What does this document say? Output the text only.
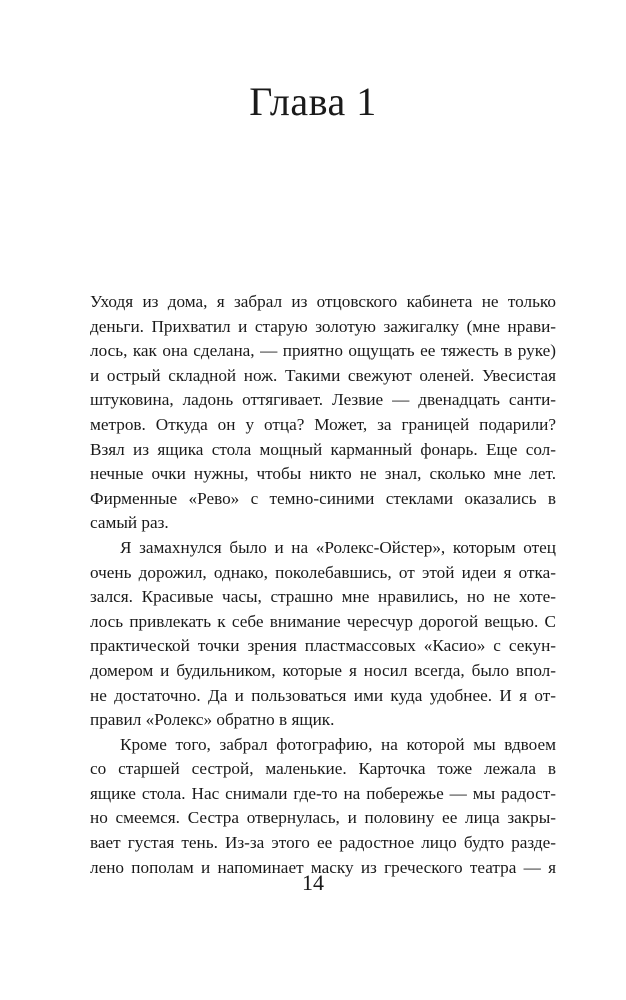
Глава 1
Уходя из дома, я забрал из отцовского кабинета не только
деньги. Прихватил и старую золотую зажигалку (мне нрави-
лось, как она сделана, — приятно ощущать ее тяжесть в руке)
и острый складной нож. Такими свежуют оленей. Увесистая
штуковина, ладонь оттягивает. Лезвие — двенадцать санти-
метров. Откуда он у отца? Может, за границей подарили?
Взял из ящика стола мощный карманный фонарь. Еще сол-
нечные очки нужны, чтобы никто не знал, сколько мне лет.
Фирменные «Рево» с темно-синими стеклами оказались в
самый раз.
Я замахнулся было и на «Ролекс-Ойстер», которым отец
очень дорожил, однако, поколебавшись, от этой идеи я отка-
зался. Красивые часы, страшно мне нравились, но не хоте-
лось привлекать к себе внимание чересчур дорогой вещью. С
практической точки зрения пластмассовых «Касио» с секун-
домером и будильником, которые я носил всегда, было впол-
не достаточно. Да и пользоваться ими куда удобнее. И я от-
правил «Ролекс» обратно в ящик.
Кроме того, забрал фотографию, на которой мы вдвоем
со старшей сестрой, маленькие. Карточка тоже лежала в
ящике стола. Нас снимали где-то на побережье — мы радост-
но смеемся. Сестра отвернулась, и половину ее лица закры-
вает густая тень. Из-за этого ее радостное лицо будто разде-
лено пополам и напоминает маску из греческого театра — я
14
